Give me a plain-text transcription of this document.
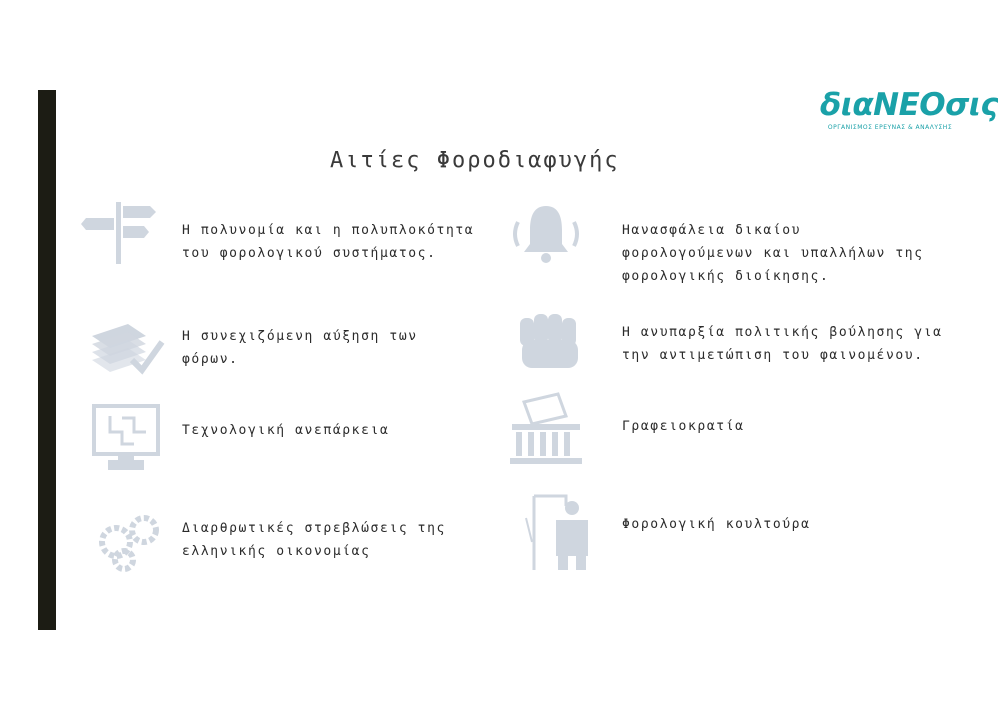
διαΝΕΟσις
ΟΡΓΑΝΙΣΜΟΣ ΕΡΕΥΝΑΣ & ΑΝΑΛΥΣΗΣ
Αιτίες Φοροδιαφυγής
Η πολυνομία και η πολυπλοκότητα
του φορολογικού συστήματος.
Η συνεχιζόμενη αύξηση των
φόρων.
Τεχνολογική ανεπάρκεια
Διαρθρωτικές στρεβλώσεις της
ελληνικής οικονομίας
Ηανασφάλεια δικαίου
φορολογούμενων και υπαλλήλων της
φορολογικής διοίκησης.
Η ανυπαρξία πολιτικής βούλησης για
την αντιμετώπιση του φαινομένου.
Γραφειοκρατία
Φορολογική κουλτούρα
